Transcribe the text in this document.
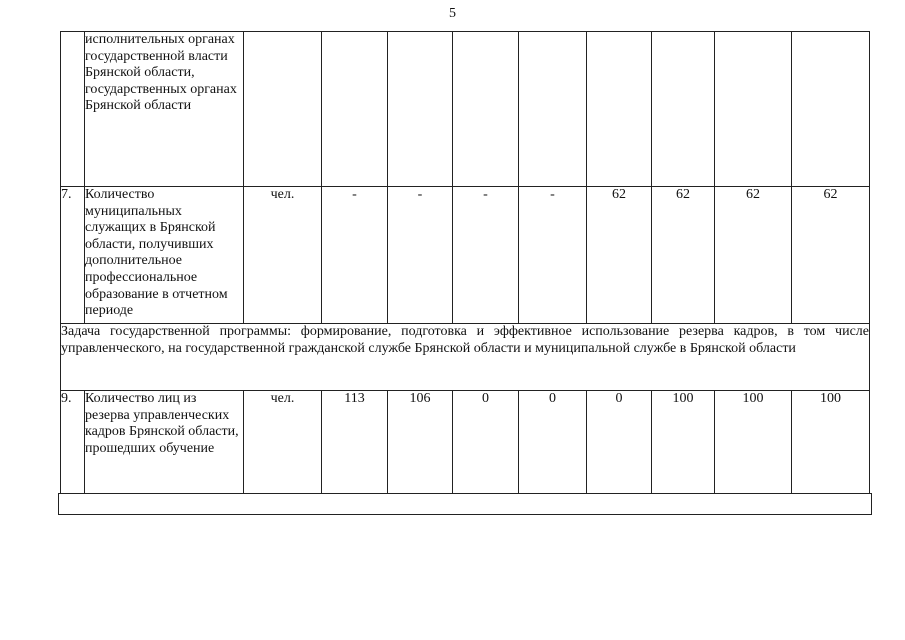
5
	исполнительных органах государственной власти Брянской области, государственных органах Брянской области									
7.	Количество муниципальных служащих в Брянской области, получивших дополнительное профессиональное образование в отчетном периоде	чел.	-	-	-	-	62	62	62	62
Задача государственной программы: формирование, подготовка и эффективное использование резерва кадров, в том числе управленческого, на государственной гражданской службе Брянской области и муниципальной службе в Брянской области										
9.	Количество лиц из резерва управленческих кадров Брянской области, прошедших обучение	чел.	113	106	0	0	0	100	100	100
